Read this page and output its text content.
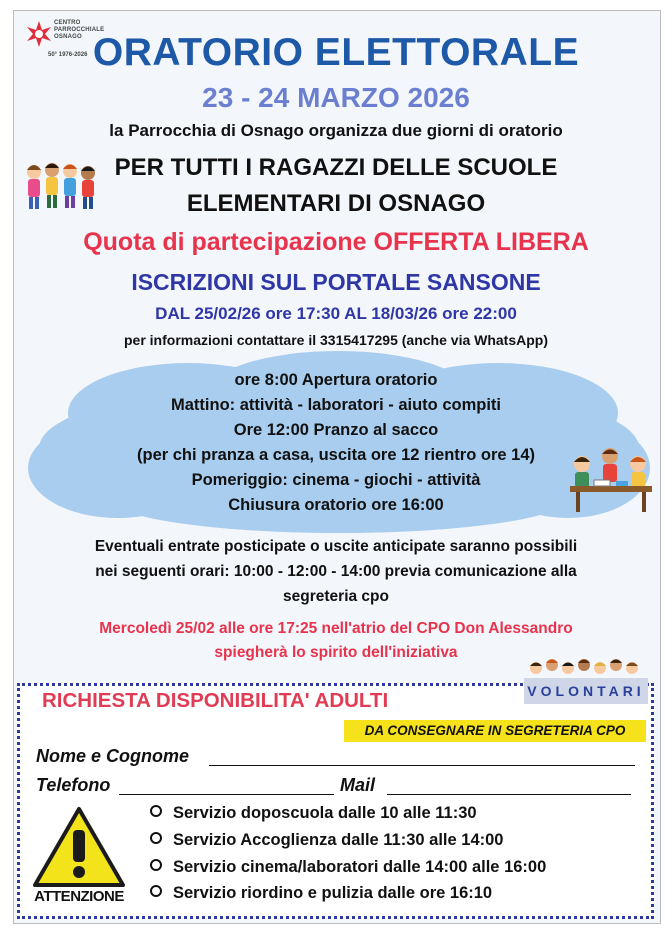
CENTRO
PARROCCHIALE
OSNAGO
50° 1976-2026 ORATORIO ELETTORALE
23 - 24 MARZO 2026
la Parrocchia di Osnago organizza due giorni di oratorio
PER TUTTI I RAGAZZI DELLE SCUOLE
ELEMENTARI DI OSNAGO
Quota di partecipazione OFFERTA LIBERA
ISCRIZIONI SUL PORTALE SANSONE
DAL 25/02/26 ore 17:30 AL 18/03/26 ore 22:00
per informazioni contattare il 3315417295 (anche via WhatsApp)
ore 8:00 Apertura oratorio
Mattino: attività - laboratori - aiuto compiti
Ore 12:00 Pranzo al sacco
(per chi pranza a casa, uscita ore 12 rientro ore 14)
Pomeriggio: cinema - giochi - attività
Chiusura oratorio ore 16:00
Eventuali entrate posticipate o uscite anticipate saranno possibili
nei seguenti orari: 10:00 - 12:00 - 14:00 previa comunicazione alla
segreteria cpo
Mercoledì 25/02 alle ore 17:25 nell'atrio del CPO Don Alessandro
spiegherà lo spirito dell'iniziativa
RICHIESTA DISPONIBILITA' ADULTI	VOLONTARI
DA CONSEGNARE IN SEGRETERIA CPO
Nome e Cognome
Telefono	Mail
Servizio doposcuola dalle 10 alle 11:30
Servizio Accoglienza dalle 11:30 alle 14:00
Servizio cinema/laboratori dalle 14:00 alle 16:00
Servizio riordino e pulizia dalle ore 16:10
ATTENZIONE
